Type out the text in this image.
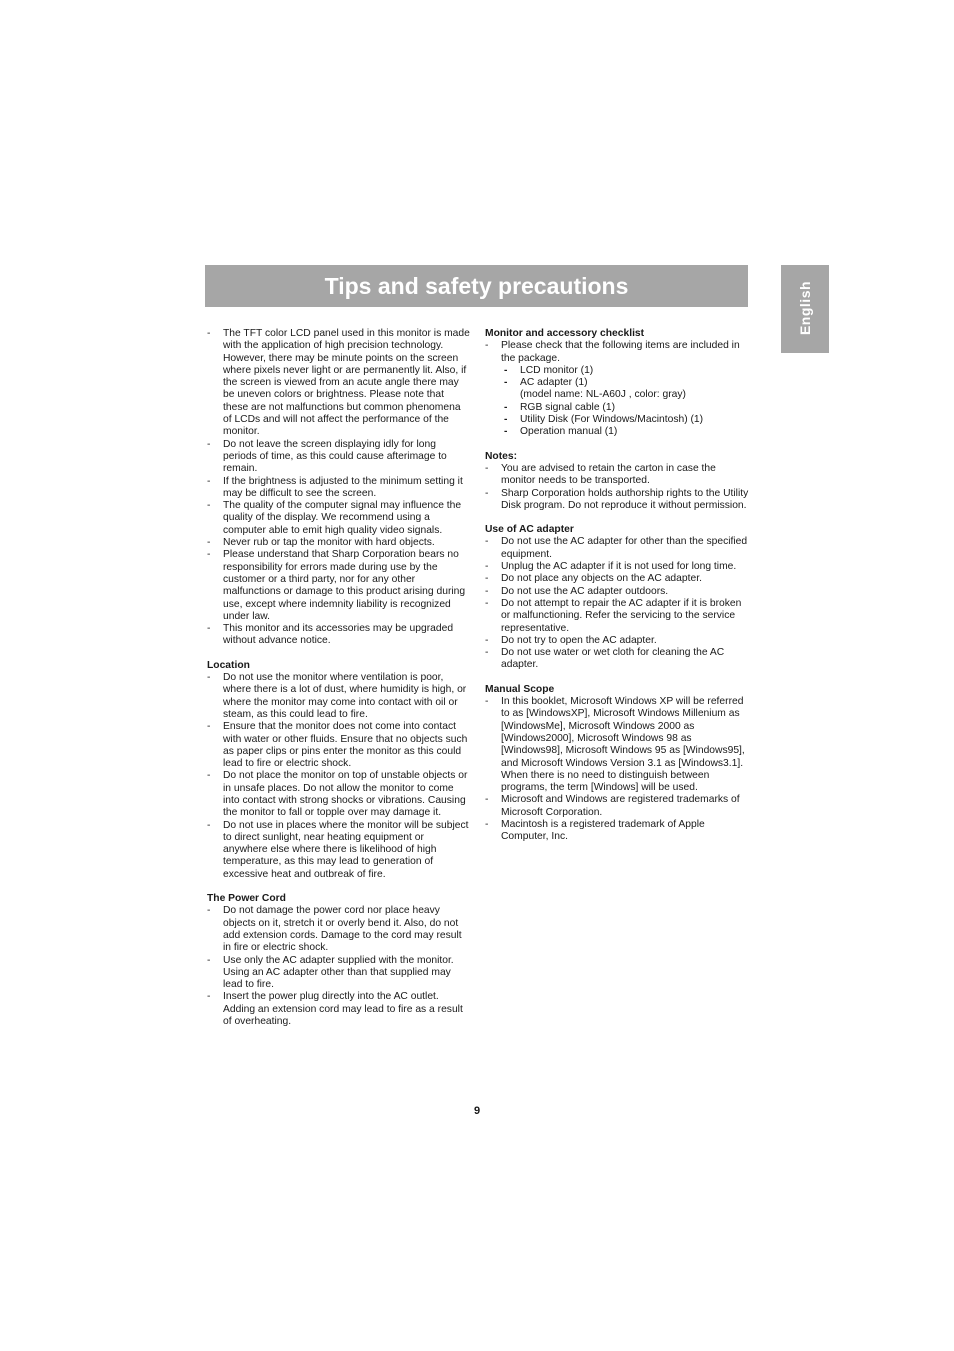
Tips and safety precautions	English
- The TFT color LCD panel used in this monitor is made with the application of high precision technology. However, there may be minute points on the screen where pixels never light or are permanently lit. Also, if the screen is viewed from an acute angle there may be uneven colors or brightness. Please note that these are not malfunctions but common phenomena of LCDs and will not affect the performance of the monitor.
- Do not leave the screen displaying idly for long periods of time, as this could cause afterimage to remain.
- If the brightness is adjusted to the minimum setting it may be difficult to see the screen.
- The quality of the computer signal may influence the quality of the display. We recommend using a computer able to emit high quality video signals.
- Never rub or tap the monitor with hard objects.
- Please understand that Sharp Corporation bears no responsibility for errors made during use by the customer or a third party, nor for any other malfunctions or damage to this product arising during use, except where indemnity liability is recognized under law.
- This monitor and its accessories may be upgraded without advance notice.

Location

- Do not use the monitor where ventilation is poor, where there is a lot of dust, where humidity is high, or where the monitor may come into contact with oil or steam, as this could lead to fire.
- Ensure that the monitor does not come into contact with water or other fluids. Ensure that no objects such as paper clips or pins enter the monitor as this could lead to fire or electric shock.
- Do not place the monitor on top of unstable objects or in unsafe places. Do not allow the monitor to come into contact with strong shocks or vibrations. Causing the monitor to fall or topple over may damage it.
- Do not use in places where the monitor will be subject to direct sunlight, near heating equipment or anywhere else where there is likelihood of high temperature, as this may lead to generation of excessive heat and outbreak of fire.

The Power Cord

- Do not damage the power cord nor place heavy objects on it, stretch it or overly bend it. Also, do not add extension cords. Damage to the cord may result in fire or electric shock.
- Use only the AC adapter supplied with the monitor. Using an AC adapter other than that supplied may lead to fire.
- Insert the power plug directly into the AC outlet. Adding an extension cord may lead to fire as a result of overheating.

Monitor and accessory checklist

- Please check that the following items are included in the package.
- LCD monitor (1)
- AC adapter (1)
(model name: NL-A60J , color: gray)
- RGB signal cable (1)
- Utility Disk (For Windows/Macintosh) (1)
- Operation manual (1)

Notes:

- You are advised to retain the carton in case the monitor needs to be transported.
- Sharp Corporation holds authorship rights to the Utility Disk program. Do not reproduce it without permission.

Use of AC adapter

- Do not use the AC adapter for other than the specified equipment.
- Unplug the AC adapter if it is not used for long time.
- Do not place any objects on the AC adapter.
- Do not use the AC adapter outdoors.
- Do not attempt to repair the AC adapter if it is broken or malfunctioning. Refer the servicing to the service representative.
- Do not try to open the AC adapter.
- Do not use water or wet cloth for cleaning the AC adapter.

Manual Scope

- In this booklet, Microsoft Windows XP will be referred to as [WindowsXP], Microsoft Windows Millenium as [WindowsMe], Microsoft Windows 2000 as [Windows2000], Microsoft Windows 98 as [Windows98], Microsoft Windows 95 as [Windows95], and Microsoft Windows Version 3.1 as [Windows3.1]. When there is no need to distinguish between programs, the term [Windows] will be used.
- Microsoft and Windows are registered trademarks of Microsoft Corporation.
- Macintosh is a registered trademark of Apple Computer, Inc.
9
